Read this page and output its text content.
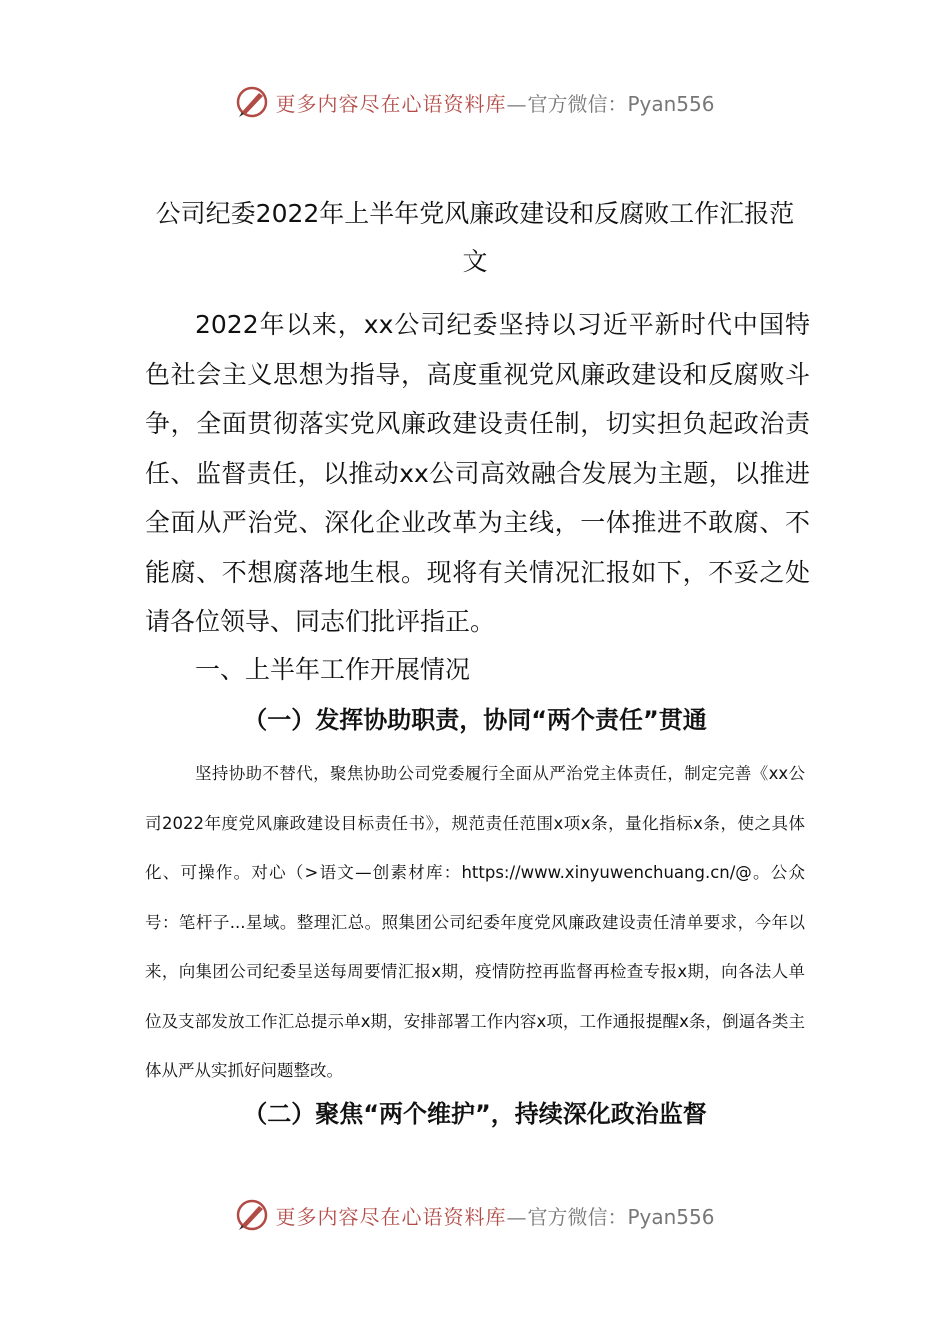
更多内容尽在心语资料库—官方微信：Pyan556
公司纪委2022年上半年党风廉政建设和反腐败工作汇报范文
2022年以来，xx公司纪委坚持以习近平新时代中国特色社会主义思想为指导，高度重视党风廉政建设和反腐败斗争，全面贯彻落实党风廉政建设责任制，切实担负起政治责任、监督责任，以推动xx公司高效融合发展为主题，以推进全面从严治党、深化企业改革为主线，一体推进不敢腐、不能腐、不想腐落地生根。现将有关情况汇报如下，不妥之处请各位领导、同志们批评指正。
一、上半年工作开展情况
（一）发挥协助职责，协同“两个责任”贯通
坚持协助不替代，聚焦协助公司党委履行全面从严治党主体责任，制定完善《xx公司2022年度党风廉政建设目标责任书》，规范责任范围x项x条，量化指标x条，使之具体化、可操作。对心（>语文—创素材库：https://www.xinyuwenchuang.cn/@。公众号：笔杆子...星域。整理汇总。照集团公司纪委年度党风廉政建设责任清单要求，今年以来，向集团公司纪委呈送每周要情汇报x期，疫情防控再监督再检查专报x期，向各法人单位及支部发放工作汇总提示单x期，安排部署工作内容x项，工作通报提醒x条，倒逼各类主体从严从实抓好问题整改。
（二）聚焦“两个维护”，持续深化政治监督
更多内容尽在心语资料库—官方微信：Pyan556
